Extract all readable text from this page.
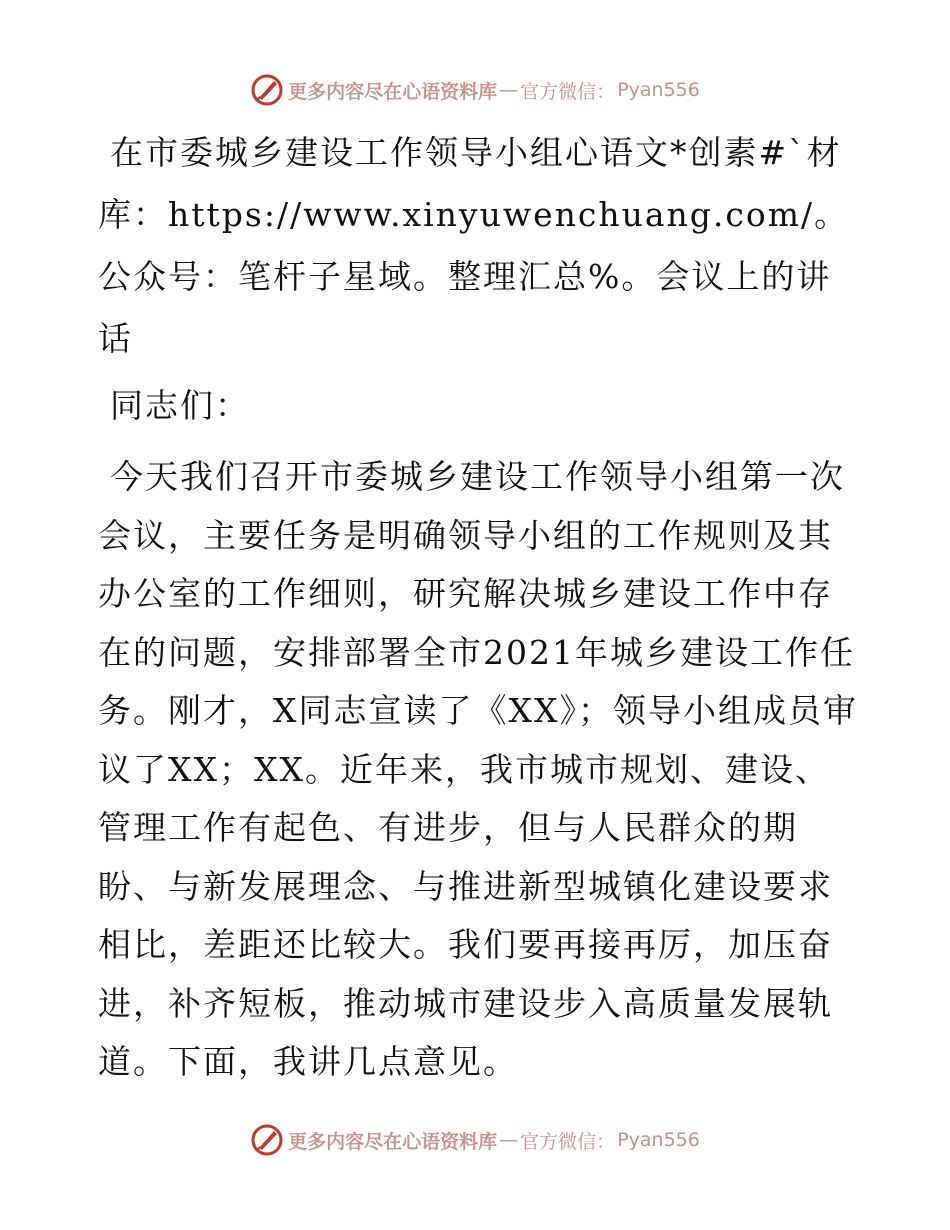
更多内容尽在心语资料库 — 官方微信： Pyan556

在市委城乡建设工作领导小组心语文*创素#`材库：https://www.xinyuwenchuang.com/。公众号：笔杆子星域。整理汇总%。会议上的讲话

同志们：

今天我们召开市委城乡建设工作领导小组第一次会议，主要任务是明确领导小组的工作规则及其办公室的工作细则，研究解决城乡建设工作中存在的问题，安排部署全市2021年城乡建设工作任务。刚才，X同志宣读了《XX》；领导小组成员审议了XX；XX。近年来，我市城市规划、建设、管理工作有起色、有进步，但与人民群众的期盼、与新发展理念、与推进新型城镇化建设要求相比，差距还比较大。我们要再接再厉，加压奋进，补齐短板，推动城市建设步入高质量发展轨道。下面，我讲几点意见。

更多内容尽在心语资料库 — 官方微信： Pyan556
